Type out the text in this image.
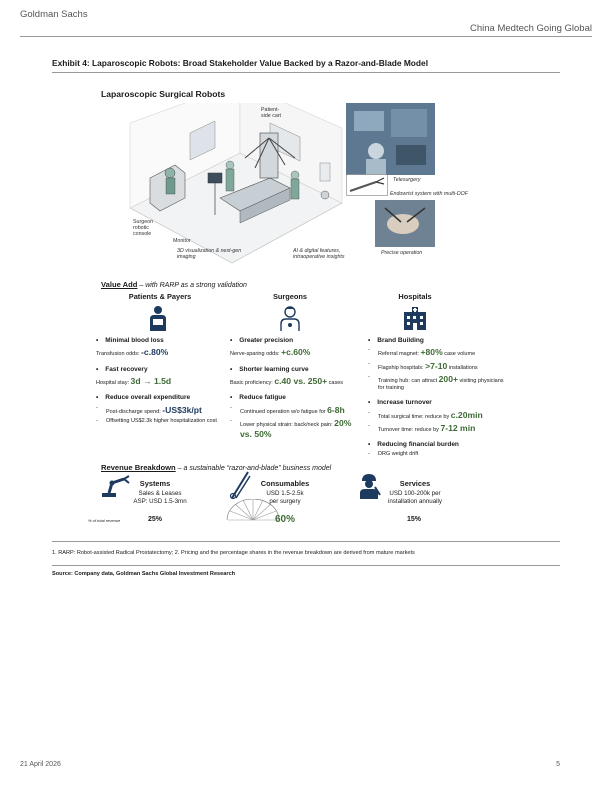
Goldman Sachs
China Medtech Going Global
Exhibit 4: Laparoscopic Robots: Broad Stakeholder Value Backed by a Razor-and-Blade Model
Laparoscopic Surgical Robots
Patient-
side cart
Surgeon
robotic
console
Monitor
3D visualization & next-gen
imaging
AI & digital features,
intraoperative insights
Telesurgery
Endowrist system with multi-DOF
Precise operation
Value Add – with RARP as a strong validation
Patients & Payers	Surgeons	Hospitals
• Minimal blood loss
Transfusion odds: -c.80%
• Fast recovery
Hospital stay: 3d → 1.5d
• Reduce overall expenditure
- Post-discharge spend: -US$3k/pt
- Offsetting US$2.3k higher hospitalization cost
• Greater precision
Nerve-sparing odds: +c.60%
• Shorter learning curve
Basic proficiency: c.40 vs. 250+ cases
• Reduce fatigue
- Continued operation w/o fatigue for 6-8h
- Lower physical strain: back/neck pain: 20% vs. 50%
• Brand Building
- Referral magnet: +80% case volume
- Flagship hospitals: >7-10 installations
- Training hub: can attract 200+ visiting physicians for training
• Increase turnover
- Total surgical time: reduce by c.20min
- Turnover time: reduce by 7-12 min
• Reducing financial burden
- DRG weight drift
Revenue Breakdown – a sustainable “razor-and-blade” business model
Systems
Sales & Leases
ASP: USD 1.5-3mn
Consumables
USD 1.5-2.5k
per surgery
Services
USD 100-200k per
installation annually
% of total revenue	25%	60%	15%
1. RARP: Robot-assisted Radical Prostatectomy; 2. Pricing and the percentage shares in the revenue breakdown are derived from mature markets
Source: Company data, Goldman Sachs Global Investment Research
21 April 2026	5
